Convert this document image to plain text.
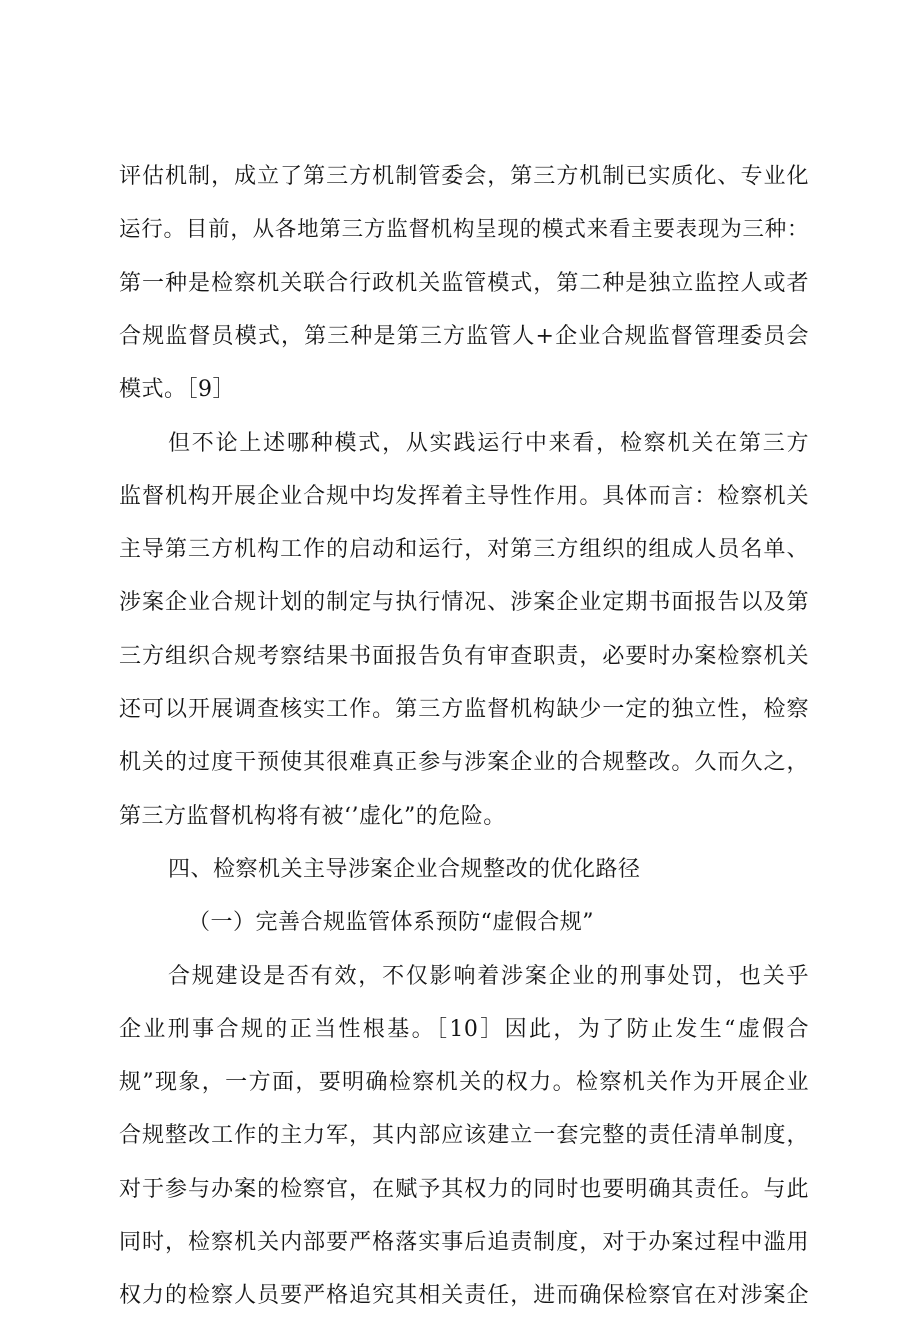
评估机制，成立了第三方机制管委会，第三方机制已实质化、专业化
运行。目前，从各地第三方监督机构呈现的模式来看主要表现为三种：
第一种是检察机关联合行政机关监管模式，第二种是独立监控人或者
合规监督员模式，第三种是第三方监管人+企业合规监督管理委员会
模式。［9］
但不论上述哪种模式，从实践运行中来看，检察机关在第三方
监督机构开展企业合规中均发挥着主导性作用。具体而言：检察机关
主导第三方机构工作的启动和运行，对第三方组织的组成人员名单、
涉案企业合规计划的制定与执行情况、涉案企业定期书面报告以及第
三方组织合规考察结果书面报告负有审查职责，必要时办案检察机关
还可以开展调查核实工作。第三方监督机构缺少一定的独立性，检察
机关的过度干预使其很难真正参与涉案企业的合规整改。久而久之，
第三方监督机构将有被‘’虚化”的危险。
四、检察机关主导涉案企业合规整改的优化路径
（一）完善合规监管体系预防“虚假合规”
合规建设是否有效，不仅影响着涉案企业的刑事处罚，也关乎
企业刑事合规的正当性根基。［10］因此，为了防止发生“虚假合
规”现象，一方面，要明确检察机关的权力。检察机关作为开展企业
合规整改工作的主力军，其内部应该建立一套完整的责任清单制度，
对于参与办案的检察官，在赋予其权力的同时也要明确其责任。与此
同时，检察机关内部要严格落实事后追责制度，对于办案过程中滥用
权力的检察人员要严格追究其相关责任，进而确保检察官在对涉案企
